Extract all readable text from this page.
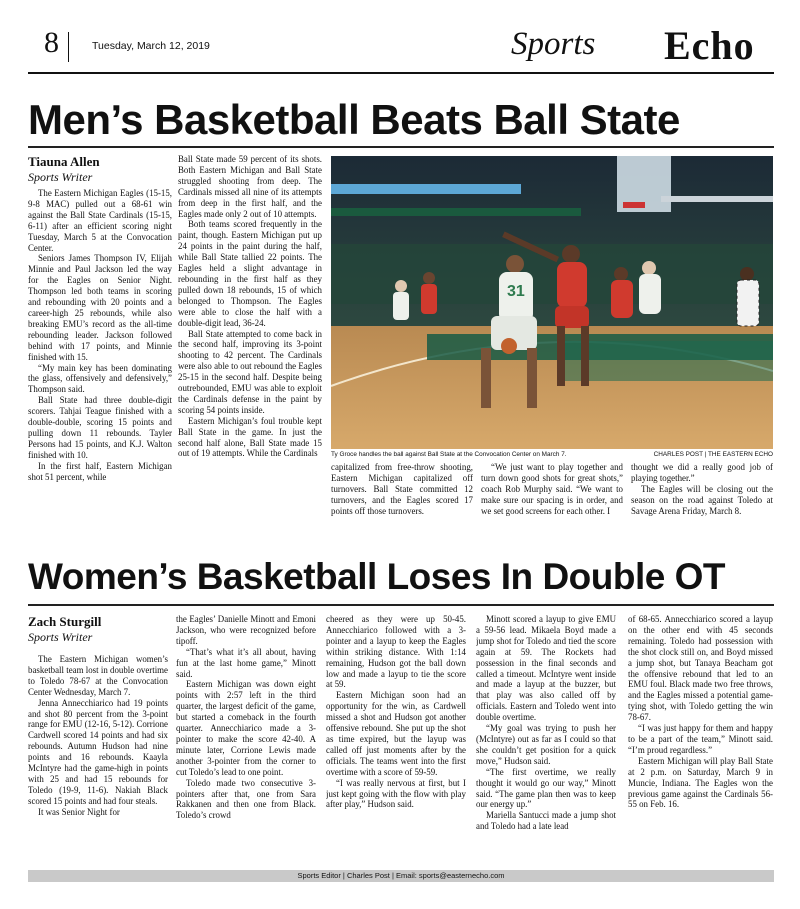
8	Tuesday, March 12, 2019	Sports Echo
Men’s Basketball Beats Ball State
Tiauna Allen
Sports Writer

The Eastern Michigan Eagles (15-15, 9-8 MAC) pulled out a 68-61 win against the Ball State Cardinals (15-15, 6-11) after an efficient scoring night Tuesday, March 5 at the Convocation Center.

Seniors James Thompson IV, Elijah Minnie and Paul Jackson led the way for the Eagles on Senior Night. Thompson led both teams in scoring and rebounding with 20 points and a career-high 25 rebounds, while also breaking EMU’s record as the all-time rebounding leader. Jackson followed behind with 17 points, and Minnie finished with 15.

“My main key has been dominating the glass, offensively and defensively,” Thompson said.

Ball State had three double-digit scorers. Tahjai Teague finished with a double-double, scoring 15 points and pulling down 11 rebounds. Tayler Persons had 15 points, and K.J. Walton finished with 10.

In the first half, Eastern Michigan shot 51 percent, while

Ball State made 59 percent of its shots. Both Eastern Michigan and Ball State struggled shooting from deep. The Cardinals missed all nine of its attempts from deep in the first half, and the Eagles made only 2 out of 10 attempts.

Both teams scored frequently in the paint, though. Eastern Michigan put up 24 points in the paint during the half, while Ball State tallied 22 points. The Eagles held a slight advantage in rebounding in the first half as they pulled down 18 rebounds, 15 of which belonged to Thompson. The Eagles were able to close the half with a double-digit lead, 36-24.

Ball State attempted to come back in the second half, improving its 3-point shooting to 42 percent. The Cardinals were also able to out rebound the Eagles 25-15 in the second half. Despite being outrebounded, EMU was able to exploit the Cardinals defense in the paint by scoring 54 points inside.

Eastern Michigan’s foul trouble kept Ball State in the game. In just the second half alone, Ball State made 15 out of 19 attempts. While the Cardinals

31
Ty Groce handles the ball against Ball State at the Convocation Center on March 7.	CHARLES POST | THE EASTERN ECHO

capitalized from free-throw shooting, Eastern Michigan capitalized off turnovers. Ball State committed 12 turnovers, and the Eagles scored 17 points off those turnovers.

“We just want to play together and turn down good shots for great shots,” coach Rob Murphy said. “We want to make sure our spacing is in order, and we set good screens for each other. I

thought we did a really good job of playing together.”

The Eagles will be closing out the season on the road against Toledo at Savage Arena Friday, March 8.

Women’s Basketball Loses In Double OT
Zach Sturgill
Sports Writer

The Eastern Michigan women’s basketball team lost in double overtime to Toledo 78-67 at the Convocation Center Wednesday, March 7.

Jenna Annecchiarico had 19 points and shot 80 percent from the 3-point range for EMU (12-16, 5-12). Corrione Cardwell scored 14 points and had six rebounds. Autumn Hudson had nine points and 16 rebounds. Kaayla McIntyre had the game-high in points with 25 and had 15 rebounds for Toledo (19-9, 11-6). Nakiah Black scored 15 points and had four steals.

It was Senior Night for

the Eagles’ Danielle Minott and Emoni Jackson, who were recognized before tipoff.

“That’s what it’s all about, having fun at the last home game,” Minott said.

Eastern Michigan was down eight points with 2:57 left in the third quarter, the largest deficit of the game, but started a comeback in the fourth quarter. Annecchiarico made a 3-pointer to make the score 42-40. A minute later, Corrione Lewis made another 3-pointer from the corner to cut Toledo’s lead to one point.

Toledo made two consecutive 3-pointers after that, one from Sara Rakkanen and then one from Black. Toledo’s crowd

cheered as they were up 50-45. Annecchiarico followed with a 3-pointer and a layup to keep the Eagles within striking distance. With 1:14 remaining, Hudson got the ball down low and made a layup to tie the score at 59.

Eastern Michigan soon had an opportunity for the win, as Cardwell missed a shot and Hudson got another offensive rebound. She put up the shot as time expired, but the layup was called off just moments after by the officials. The teams went into the first overtime with a score of 59-59.

“I was really nervous at first, but I just kept going with the flow with play after play,” Hudson said.

Minott scored a layup to give EMU a 59-56 lead. Mikaela Boyd made a jump shot for Toledo and tied the score again at 59. The Rockets had possession in the final seconds and called a timeout. McIntyre went inside and made a layup at the buzzer, but that play was also called off by officials. Eastern and Toledo went into double overtime.

“My goal was trying to push her (McIntyre) out as far as I could so that she couldn’t get position for a quick move,” Hudson said.

“The first overtime, we really thought it would go our way,” Minott said. “The game plan then was to keep our energy up.”

Mariella Santucci made a jump shot and Toledo had a late lead

of 68-65. Annecchiarico scored a layup on the other end with 45 seconds remaining. Toledo had possession with the shot clock still on, and Boyd missed a jump shot, but Tanaya Beacham got the offensive rebound that led to an EMU foul. Black made two free throws, and the Eagles missed a potential game-tying shot, with Toledo getting the win 78-67.

“I was just happy for them and happy to be a part of the team,” Minott said. “I’m proud regardless.”

Eastern Michigan will play Ball State at 2 p.m. on Saturday, March 9 in Muncie, Indiana. The Eagles won the previous game against the Cardinals 56-55 on Feb. 16.

Sports Editor | Charles Post | Email: sports@easternecho.com
